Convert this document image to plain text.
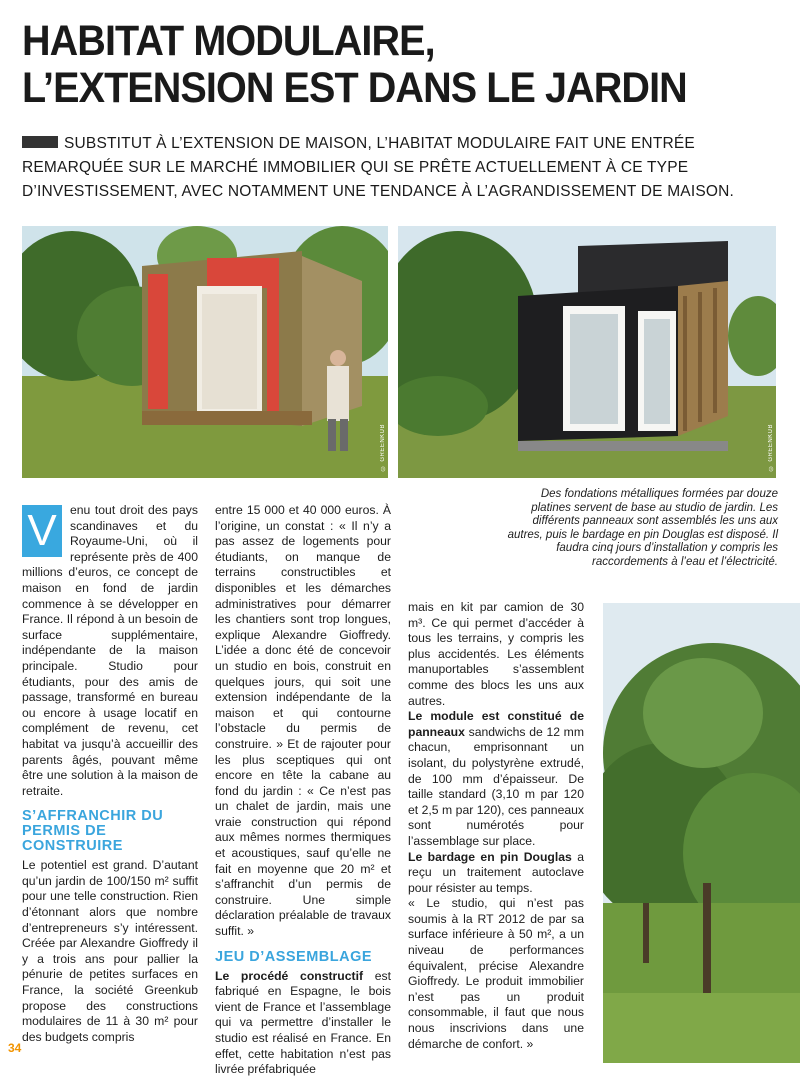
HABITAT MODULAIRE,
L’EXTENSION EST DANS LE JARDIN

SUBSTITUT À L’EXTENSION DE MAISON, L’HABITAT MODULAIRE FAIT UNE ENTRÉE REMARQUÉE SUR LE MARCHÉ IMMOBILIER QUI SE PRÊTE ACTUELLEMENT À CE TYPE D’INVESTISSEMENT, AVEC NOTAMMENT UNE TENDANCE À L’AGRANDISSEMENT DE MAISON.

© GREENKUB	© GREENKUB

Des fondations métalliques formées par douze platines servent de base au studio de jardin. Les différents panneaux sont assemblés les uns aux autres, puis le bardage en pin Douglas est disposé. Il faudra cinq jours d’installation y compris les raccordements à l’eau et l’électricité.

V	enu tout droit des pays scandinaves et du Royaume-Uni, où il représente près de 400 millions d’euros, ce concept de maison en fond de jardin commence à se développer en France. Il répond à un besoin de surface supplémentaire, indépendante de la maison principale. Studio pour étudiants, pour des amis de passage, transformé en bureau ou encore à usage locatif en complément de revenu, cet habitat va jusqu’à accueillir des parents âgés, pouvant même être une solution à la maison de retraite.

S’AFFRANCHIR DU PERMIS DE CONSTRUIRE

Le potentiel est grand. D’autant qu’un jardin de 100/150 m² suffit pour une telle construction. Rien d’étonnant alors que nombre d’entrepreneurs s’y intéressent. Créée par Alexandre Gioffredy il y a trois ans pour pallier la pénurie de petites surfaces en France, la société Greenkub propose des constructions modulaires de 11 à 30 m² pour des budgets compris

entre 15 000 et 40 000 euros. À l’origine, un constat : « Il n’y a pas assez de logements pour étudiants, on manque de terrains constructibles et disponibles et les démarches administratives pour démarrer les chantiers sont trop longues, explique Alexandre Gioffredy. L’idée a donc été de concevoir un studio en bois, construit en quelques jours, qui soit une extension indépendante de la maison et qui contourne l’obstacle du permis de construire. » Et de rajouter pour les plus sceptiques qui ont encore en tête la cabane au fond du jardin : « Ce n’est pas un chalet de jardin, mais une vraie construction qui répond aux mêmes normes thermiques et acoustiques, sauf qu’elle ne fait en moyenne que 20 m² et s’affranchit d’un permis de construire. Une simple déclaration préalable de travaux suffit. »

JEU D’ASSEMBLAGE

Le procédé constructif est fabriqué en Espagne, le bois vient de France et l’assemblage qui va permettre d’installer le studio est réalisé en France. En effet, cette habitation n’est pas livrée préfabriquée

mais en kit par camion de 30 m³. Ce qui permet d’accéder à tous les terrains, y compris les plus accidentés. Les éléments manuportables s’assemblent comme des blocs les uns aux autres.

Le module est constitué de panneaux sandwichs de 12 mm chacun, emprisonnant un isolant, du polystyrène extrudé, de 100 mm d’épaisseur. De taille standard (3,10 m par 120 et 2,5 m par 120), ces panneaux sont numérotés pour l’assemblage sur place.

Le bardage en pin Douglas a reçu un traitement autoclave pour résister au temps.

« Le studio, qui n’est pas soumis à la RT 2012 de par sa surface inférieure à 50 m², a un niveau de performances équivalent, précise Alexandre Gioffredy. Le produit immobilier n’est pas un produit consommable, il faut que nous nous inscrivions dans une démarche de confort. »

34
